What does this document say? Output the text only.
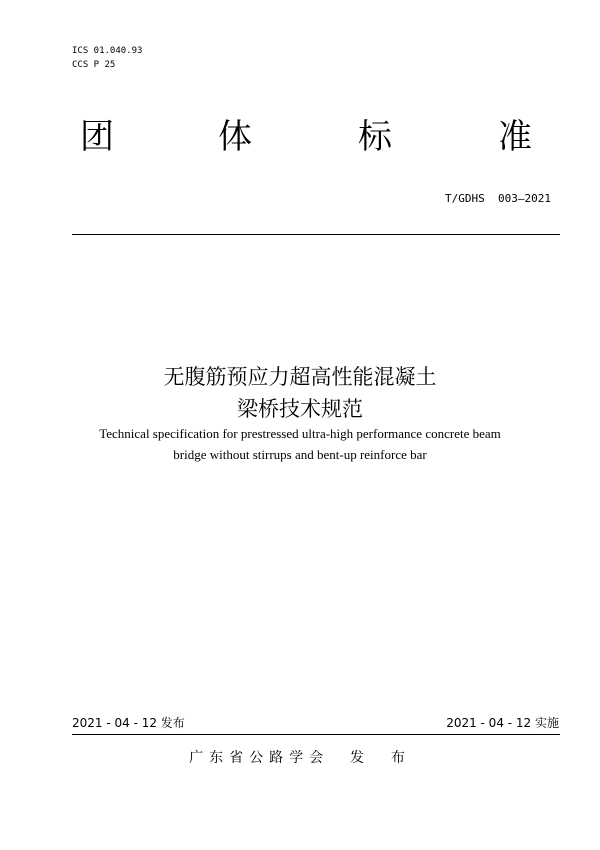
ICS 01.040.93
CCS P 25
团	体	标	准
T/GDHS  003—2021
无腹筋预应力超高性能混凝土
梁桥技术规范
Technical specification for prestressed ultra-high performance concrete beam
bridge without stirrups and bent-up reinforce bar
2021 - 04 - 12 发布	2021 - 04 - 12 实施
广东省公路学会  发  布
